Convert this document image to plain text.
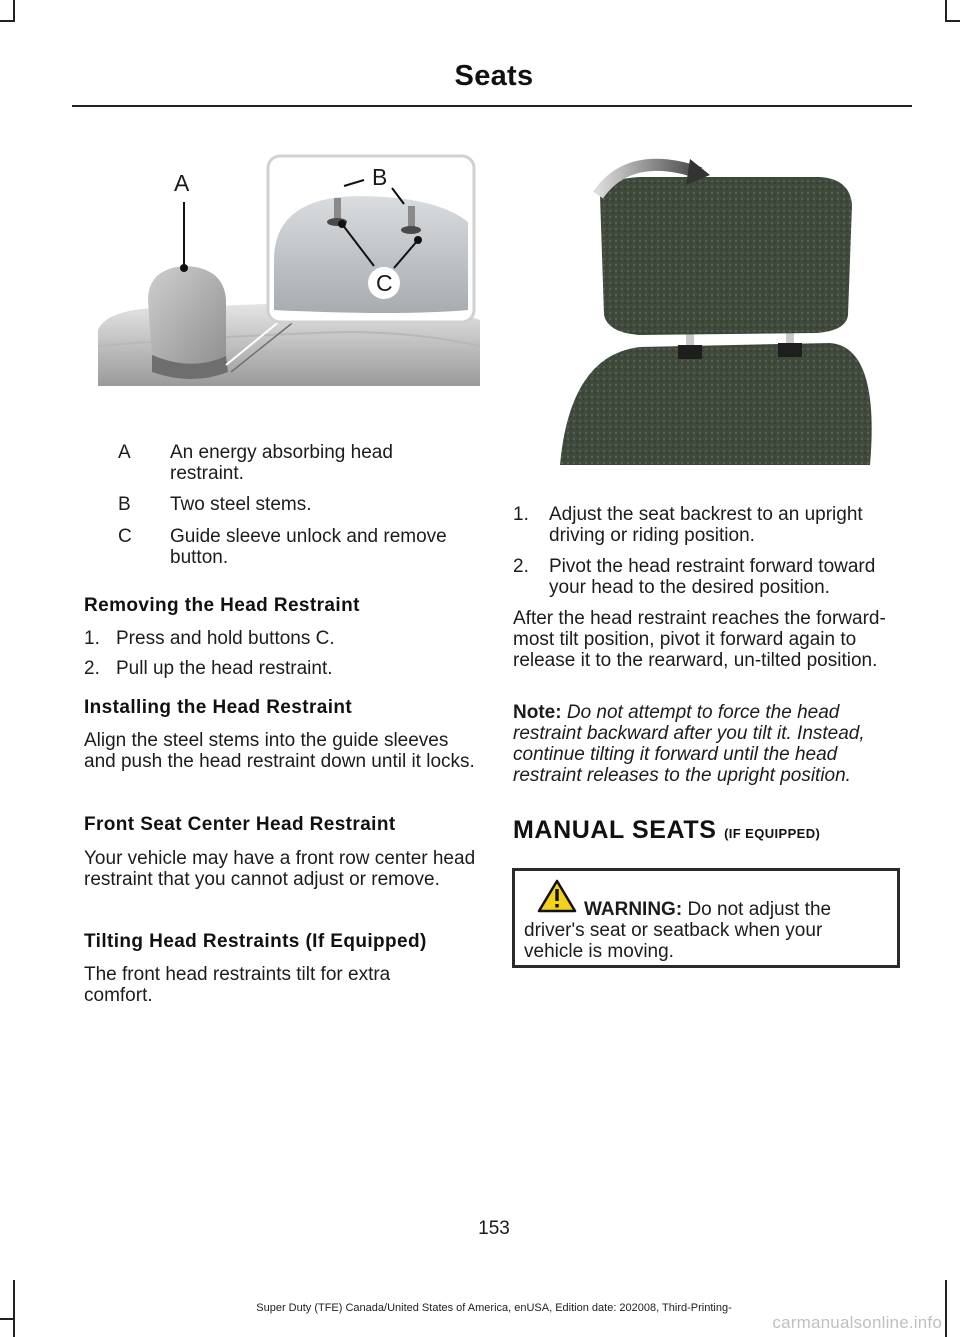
Seats
A	B
C
A	An energy absorbing head restraint.
B	Two steel stems.
C	Guide sleeve unlock and remove button.
Removing the Head Restraint
1. Press and hold buttons C.
2. Pull up the head restraint.
Installing the Head Restraint
Align the steel stems into the guide sleeves and push the head restraint down until it locks.
Front Seat Center Head Restraint
Your vehicle may have a front row center head restraint that you cannot adjust or remove.
Tilting Head Restraints (If Equipped)
The front head restraints tilt for extra comfort.
1. Adjust the seat backrest to an upright driving or riding position.
2. Pivot the head restraint forward toward your head to the desired position.
After the head restraint reaches the forward-most tilt position, pivot it forward again to release it to the rearward, un-tilted position.
Note: Do not attempt to force the head restraint backward after you tilt it. Instead, continue tilting it forward until the head restraint releases to the upright position.
MANUAL SEATS (IF EQUIPPED)
WARNING: Do not adjust the driver's seat or seatback when your vehicle is moving.
153
Super Duty (TFE) Canada/United States of America, enUSA, Edition date: 202008, Third-Printing-
carmanualsonline.info
